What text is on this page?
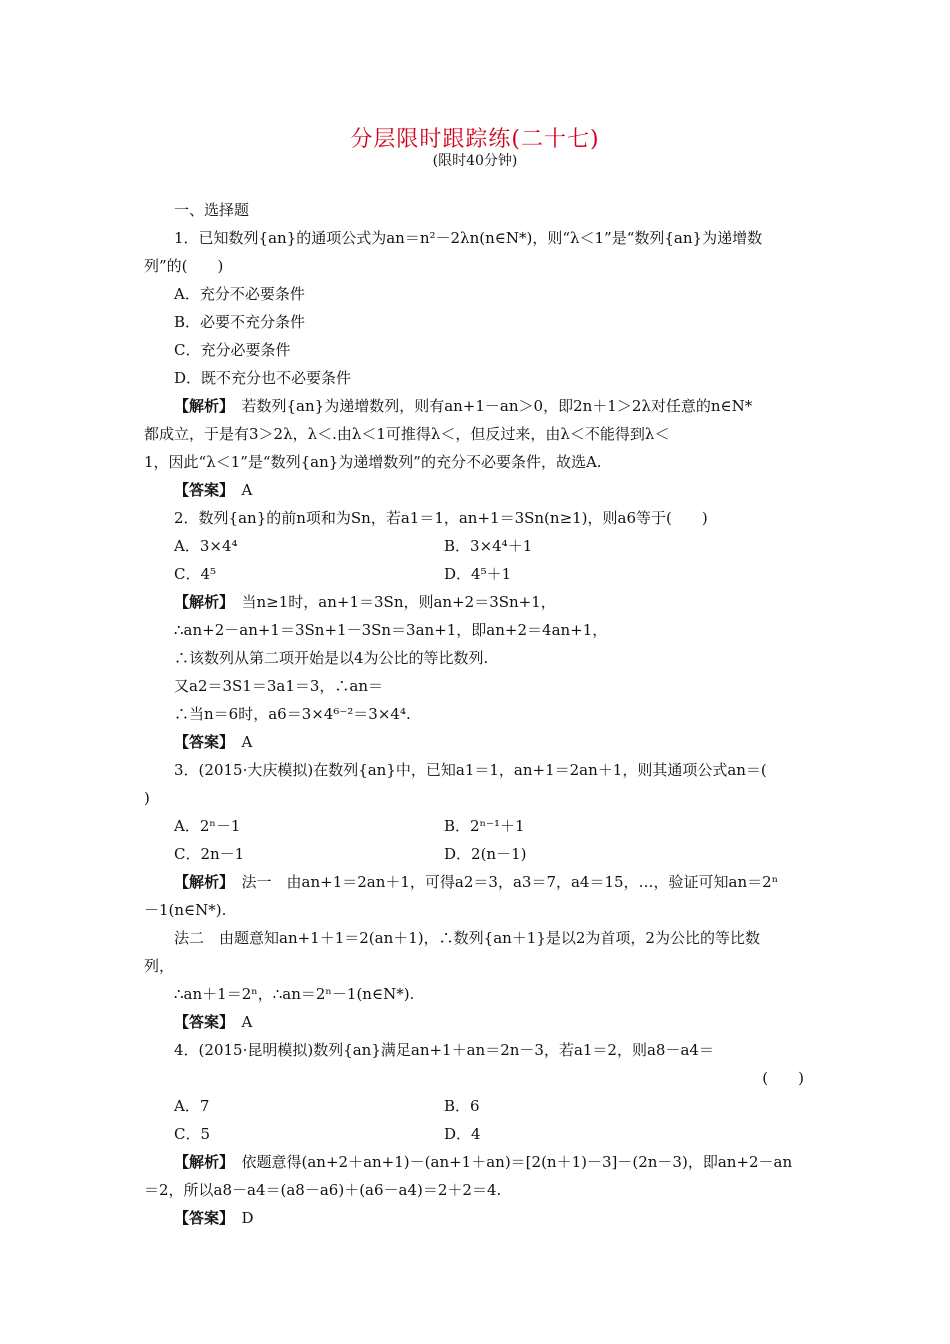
分层限时跟踪练(二十七)
(限时40分钟)

一、选择题

1．已知数列{an}的通项公式为an＝n²－2λn(n∈N*)，则“λ＜1”是“数列{an}为递增数

列”的(　　)

A．充分不必要条件

B．必要不充分条件

C．充分必要条件

D．既不充分也不必要条件

【解析】　若数列{an}为递增数列，则有an+1－an＞0，即2n＋1＞2λ对任意的n∈N*

都成立，于是有3＞2λ，λ＜.由λ＜1可推得λ＜，但反过来，由λ＜不能得到λ＜

1，因此“λ＜1”是“数列{an}为递增数列”的充分不必要条件，故选A.

【答案】　A

2．数列{an}的前n项和为Sn，若a1＝1，an+1＝3Sn(n≥1)，则a6等于(　　)

A．3×4⁴	B．3×4⁴＋1
C．4⁵	D．4⁵＋1

【解析】　当n≥1时，an+1＝3Sn，则an+2＝3Sn+1，

∴an+2－an+1＝3Sn+1－3Sn＝3an+1，即an+2＝4an+1，

∴该数列从第二项开始是以4为公比的等比数列.

又a2＝3S1＝3a1＝3，∴an＝

∴当n＝6时，a6＝3×4⁶⁻²＝3×4⁴.

【答案】　A

3．(2015·大庆模拟)在数列{an}中，已知a1＝1，an+1＝2an＋1，则其通项公式an＝(

)

A．2ⁿ－1	B．2ⁿ⁻¹＋1
C．2n－1	D．2(n－1)

【解析】　法一　由an+1＝2an＋1，可得a2＝3，a3＝7，a4＝15，…，验证可知an＝2ⁿ

－1(n∈N*).

法二　由题意知an+1＋1＝2(an＋1)，∴数列{an＋1}是以2为首项，2为公比的等比数

列，

∴an＋1＝2ⁿ，∴an＝2ⁿ－1(n∈N*).

【答案】　A

4．(2015·昆明模拟)数列{an}满足an+1＋an＝2n－3，若a1＝2，则a8－a4＝

(　　)

A．7	B．6
C．5	D．4

【解析】　依题意得(an+2＋an+1)－(an+1＋an)＝[2(n＋1)－3]－(2n－3)，即an+2－an

＝2，所以a8－a4＝(a8－a6)＋(a6－a4)＝2＋2＝4.

【答案】　D
